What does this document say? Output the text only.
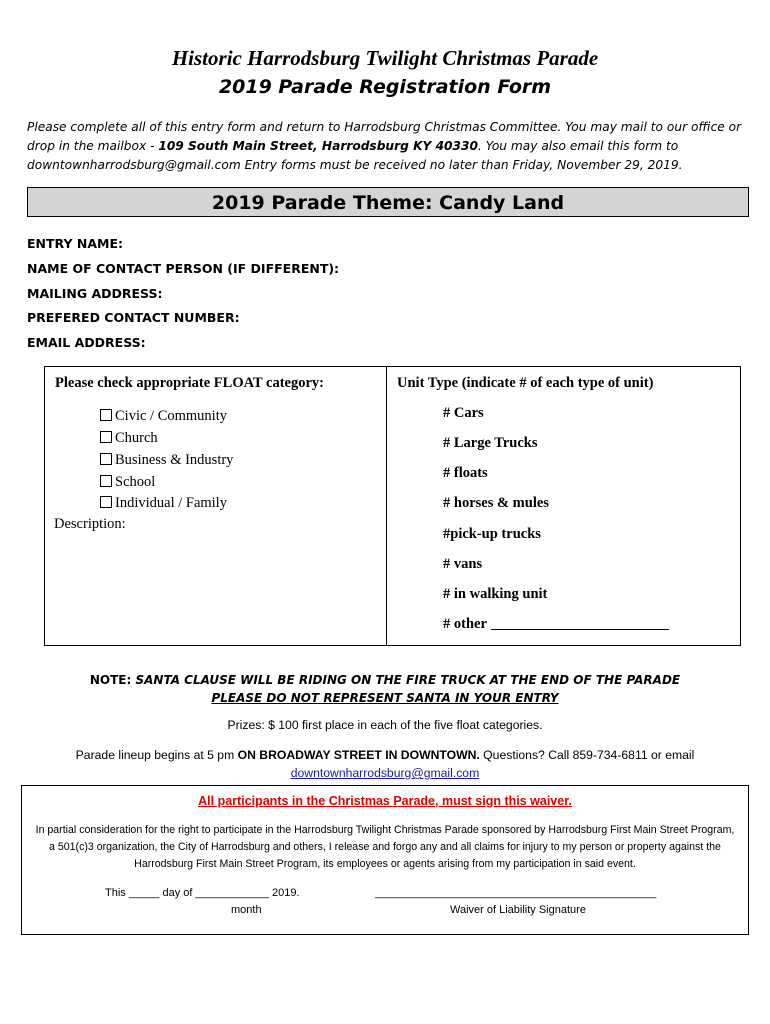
Historic Harrodsburg Twilight Christmas Parade
2019 Parade Registration Form
Please complete all of this entry form and return to Harrodsburg Christmas Committee. You may mail to our office or drop in the mailbox - 109 South Main Street, Harrodsburg KY 40330. You may also email this form to downtownharrodsburg@gmail.com Entry forms must be received no later than Friday, November 29, 2019.
2019 Parade Theme: Candy Land
ENTRY NAME:
NAME OF CONTACT PERSON (IF DIFFERENT):
MAILING ADDRESS:
PREFERED CONTACT NUMBER:
EMAIL ADDRESS:
Please check appropriate FLOAT category:
Civic / Community
Church
Business & Industry
School
Individual / Family
Description:
Unit Type (indicate # of each type of unit)
# Cars
# Large Trucks
# floats
# horses & mules
#pick-up trucks
# vans
# in walking unit
# other
NOTE: SANTA CLAUSE WILL BE RIDING ON THE FIRE TRUCK AT THE END OF THE PARADE
PLEASE DO NOT REPRESENT SANTA IN YOUR ENTRY
Prizes: $ 100 first place in each of the five float categories.
Parade lineup begins at 5 pm ON BROADWAY STREET IN DOWNTOWN. Questions? Call 859-734-6811 or email
downtownharrodsburg@gmail.com
All participants in the Christmas Parade, must sign this waiver.
In partial consideration for the right to participate in the Harrodsburg Twilight Christmas Parade sponsored by Harrodsburg First Main Street Program, a 501(c)3 organization, the City of Harrodsburg and others, I release and forgo any and all claims for injury to my person or property against the Harrodsburg First Main Street Program, its employees or agents arising from my participation in said event.
This _____ day of ____________ 2019.
month
______________________________________________
Waiver of Liability Signature
